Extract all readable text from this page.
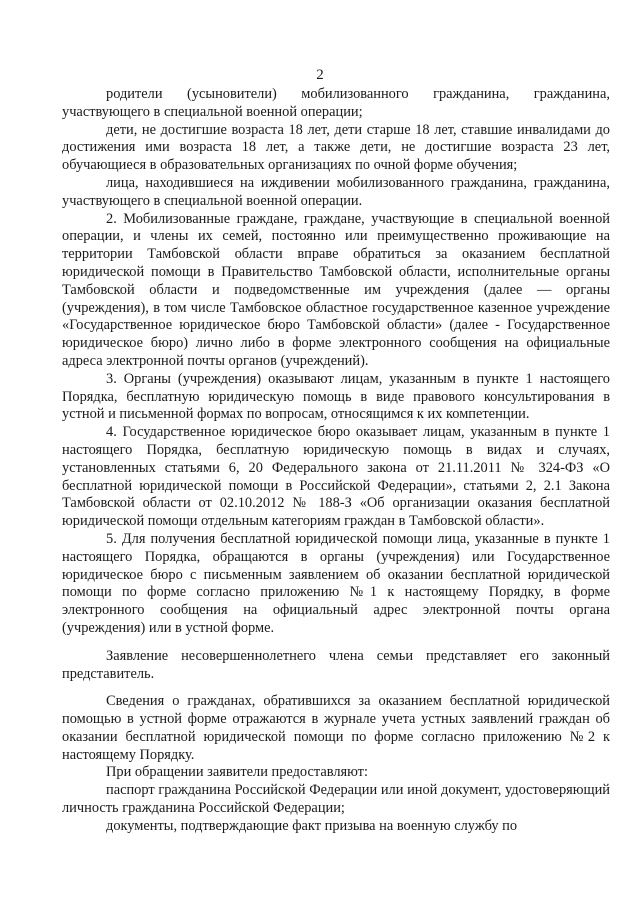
2

родители (усыновители) мобилизованного гражданина, гражданина, участвующего в специальной военной операции;

дети, не достигшие возраста 18 лет, дети старше 18 лет, ставшие инвалидами до достижения ими возраста 18 лет, а также дети, не достигшие возраста 23 лет, обучающиеся в образовательных организациях по очной форме обучения;

лица, находившиеся на иждивении мобилизованного гражданина, гражданина, участвующего в специальной военной операции.

2. Мобилизованные граждане, граждане, участвующие в специальной военной операции, и члены их семей, постоянно или преимущественно проживающие на территории Тамбовской области вправе обратиться за оказанием бесплатной юридической помощи в Правительство Тамбовской области, исполнительные органы Тамбовской области и подведомственные им учреждения (далее — органы (учреждения), в том числе Тамбовское областное государственное казенное учреждение «Государственное юридическое бюро Тамбовской области» (далее - Государственное юридическое бюро) лично либо в форме электронного сообщения на официальные адреса электронной почты органов (учреждений).

3. Органы (учреждения) оказывают лицам, указанным в пункте 1 настоящего Порядка, бесплатную юридическую помощь в виде правового консультирования в устной и письменной формах по вопросам, относящимся к их компетенции.

4. Государственное юридическое бюро оказывает лицам, указанным в пункте 1 настоящего Порядка, бесплатную юридическую помощь в видах и случаях, установленных статьями 6, 20 Федерального закона от 21.11.2011 № 324-ФЗ «О бесплатной юридической помощи в Российской Федерации», статьями 2, 2.1 Закона Тамбовской области от 02.10.2012 № 188-З «Об организации оказания бесплатной юридической помощи отдельным категориям граждан в Тамбовской области».

5. Для получения бесплатной юридической помощи лица, указанные в пункте 1 настоящего Порядка, обращаются в органы (учреждения) или Государственное юридическое бюро с письменным заявлением об оказании бесплатной юридической помощи по форме согласно приложению №1 к настоящему Порядку, в форме электронного сообщения на официальный адрес электронной почты органа (учреждения) или в устной форме.

Заявление несовершеннолетнего члена семьи представляет его законный представитель.

Сведения о гражданах, обратившихся за оказанием бесплатной юридической помощью в устной форме отражаются в журнале учета устных заявлений граждан об оказании бесплатной юридической помощи по форме согласно приложению №2 к настоящему Порядку.

При обращении заявители предоставляют:

паспорт гражданина Российской Федерации или иной документ, удостоверяющий личность гражданина Российской Федерации;

документы, подтверждающие факт призыва на военную службу по
